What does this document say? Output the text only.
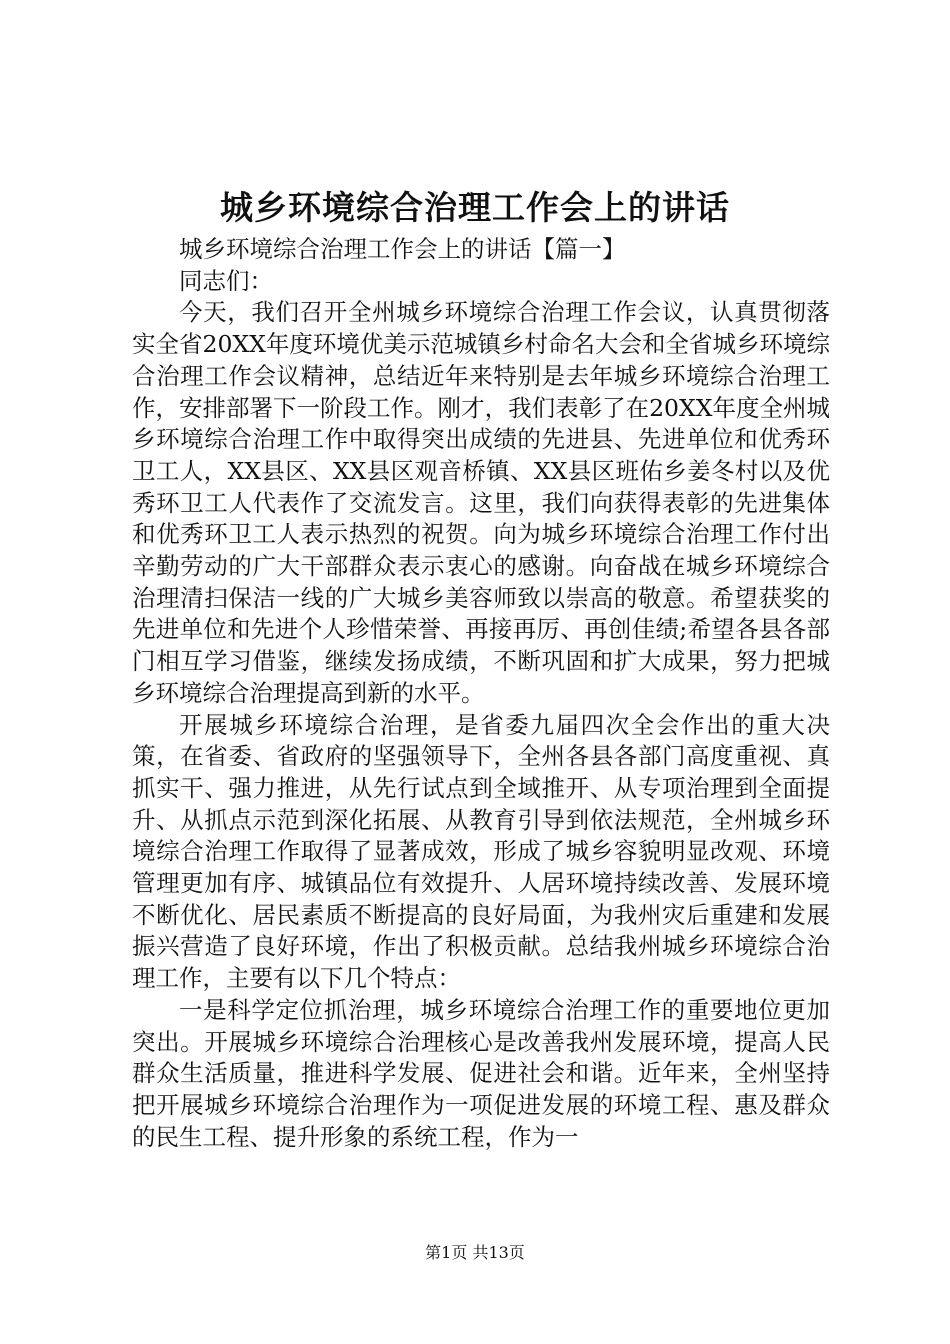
城乡环境综合治理工作会上的讲话

城乡环境综合治理工作会上的讲话【篇一】

同志们：

今天，我们召开全州城乡环境综合治理工作会议，认真贯彻落实全省20XX年度环境优美示范城镇乡村命名大会和全省城乡环境综合治理工作会议精神，总结近年来特别是去年城乡环境综合治理工作，安排部署下一阶段工作。刚才，我们表彰了在20XX年度全州城乡环境综合治理工作中取得突出成绩的先进县、先进单位和优秀环卫工人，XX县区、XX县区观音桥镇、XX县区班佑乡姜冬村以及优秀环卫工人代表作了交流发言。这里，我们向获得表彰的先进集体和优秀环卫工人表示热烈的祝贺。向为城乡环境综合治理工作付出辛勤劳动的广大干部群众表示衷心的感谢。向奋战在城乡环境综合治理清扫保洁一线的广大城乡美容师致以崇高的敬意。希望获奖的先进单位和先进个人珍惜荣誉、再接再厉、再创佳绩;希望各县各部门相互学习借鉴，继续发扬成绩，不断巩固和扩大成果，努力把城乡环境综合治理提高到新的水平。

开展城乡环境综合治理，是省委九届四次全会作出的重大决策，在省委、省政府的坚强领导下，全州各县各部门高度重视、真抓实干、强力推进，从先行试点到全域推开、从专项治理到全面提升、从抓点示范到深化拓展、从教育引导到依法规范，全州城乡环境综合治理工作取得了显著成效，形成了城乡容貌明显改观、环境管理更加有序、城镇品位有效提升、人居环境持续改善、发展环境不断优化、居民素质不断提高的良好局面，为我州灾后重建和发展振兴营造了良好环境，作出了积极贡献。总结我州城乡环境综合治理工作，主要有以下几个特点：

一是科学定位抓治理，城乡环境综合治理工作的重要地位更加突出。开展城乡环境综合治理核心是改善我州发展环境，提高人民群众生活质量，推进科学发展、促进社会和谐。近年来，全州坚持把开展城乡环境综合治理作为一项促进发展的环境工程、惠及群众的民生工程、提升形象的系统工程，作为一

第1页 共13页
